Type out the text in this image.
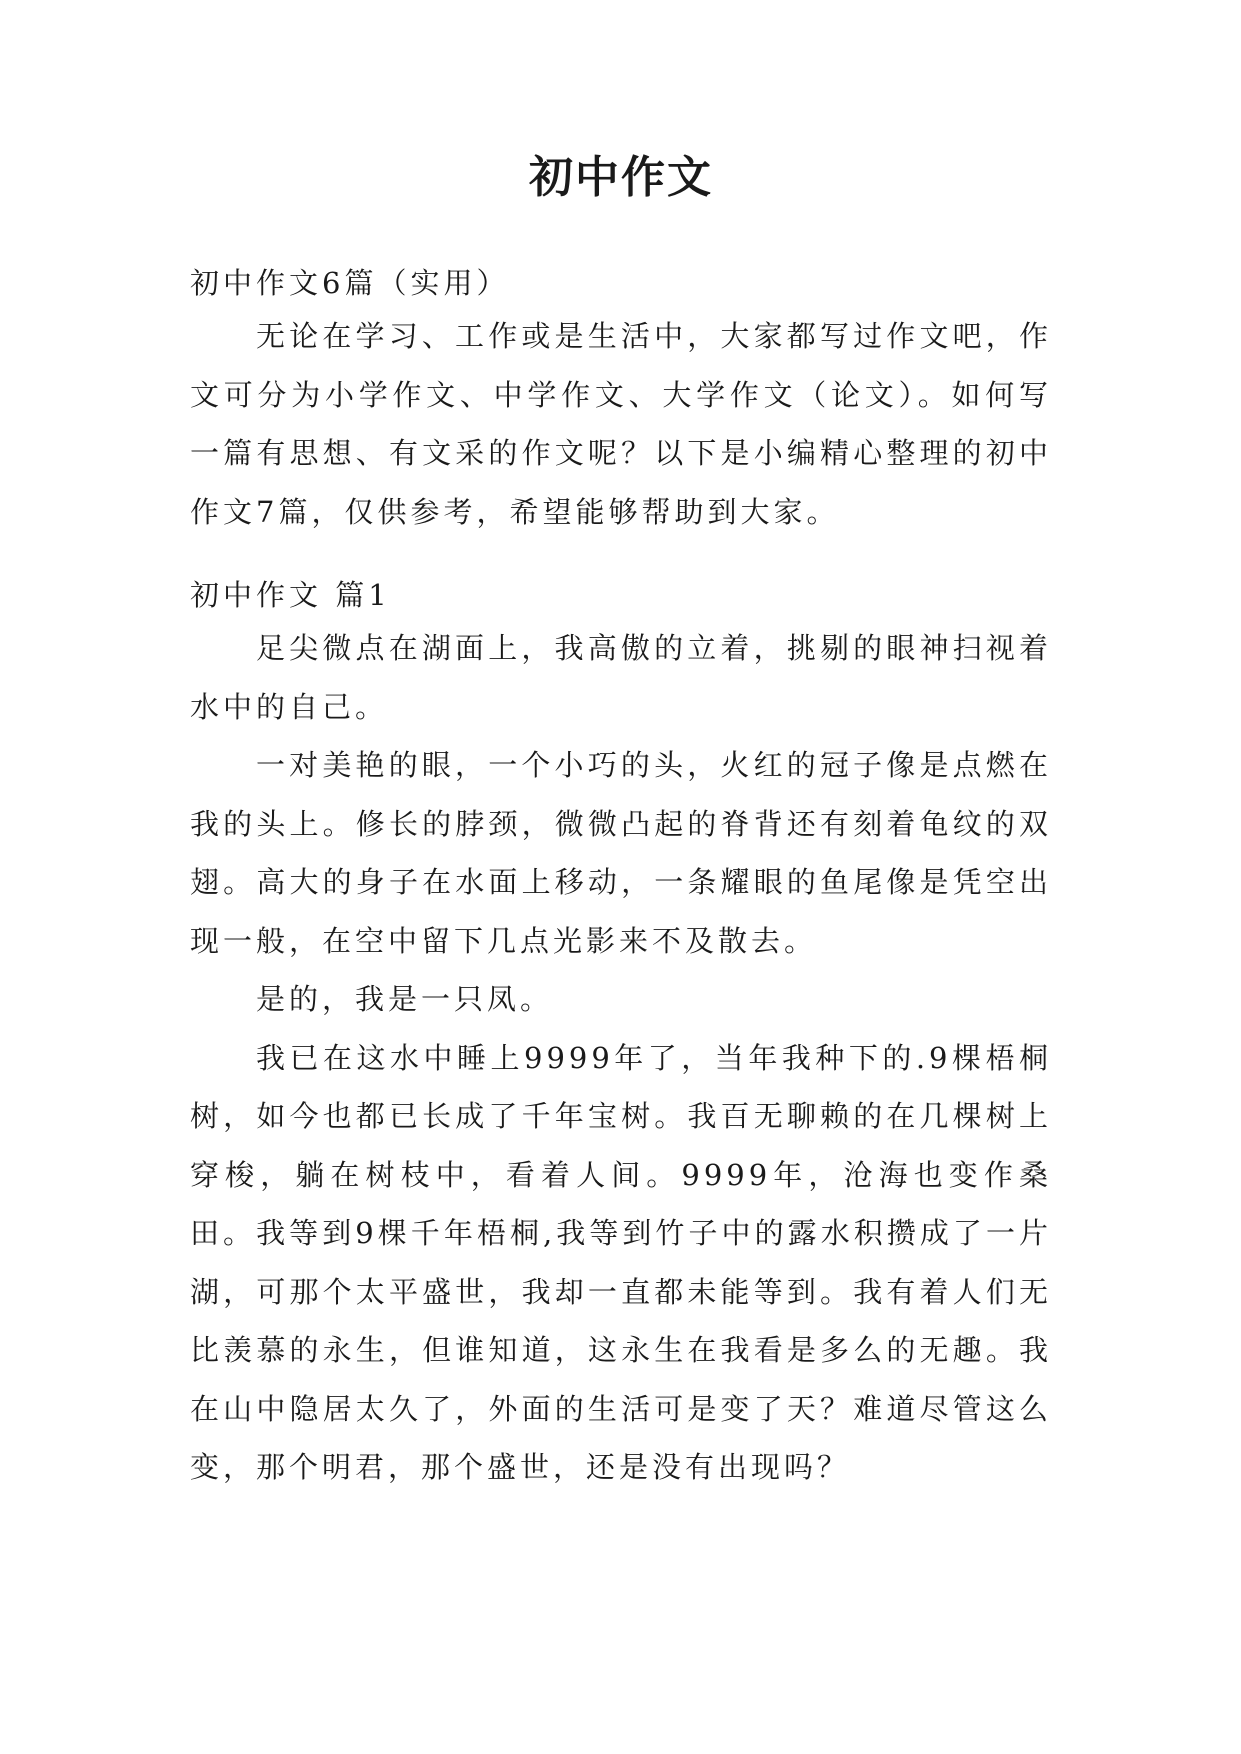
初中作文

初中作文6篇（实用）

无论在学习、工作或是生活中，大家都写过作文吧，作文可分为小学作文、中学作文、大学作文（论文）。如何写一篇有思想、有文采的作文呢？以下是小编精心整理的初中作文7篇，仅供参考，希望能够帮助到大家。

初中作文 篇1

足尖微点在湖面上，我高傲的立着，挑剔的眼神扫视着水中的自己。

一对美艳的眼，一个小巧的头，火红的冠子像是点燃在我的头上。修长的脖颈，微微凸起的脊背还有刻着龟纹的双翅。高大的身子在水面上移动，一条耀眼的鱼尾像是凭空出现一般，在空中留下几点光影来不及散去。

是的，我是一只凤。

我已在这水中睡上9999年了，当年我种下的.9棵梧桐树，如今也都已长成了千年宝树。我百无聊赖的在几棵树上穿梭，躺在树枝中，看着人间。9999年，沧海也变作桑田。我等到9棵千年梧桐,我等到竹子中的露水积攒成了一片湖，可那个太平盛世，我却一直都未能等到。我有着人们无比羡慕的永生，但谁知道，这永生在我看是多么的无趣。我在山中隐居太久了，外面的生活可是变了天？难道尽管这么变，那个明君，那个盛世，还是没有出现吗？
